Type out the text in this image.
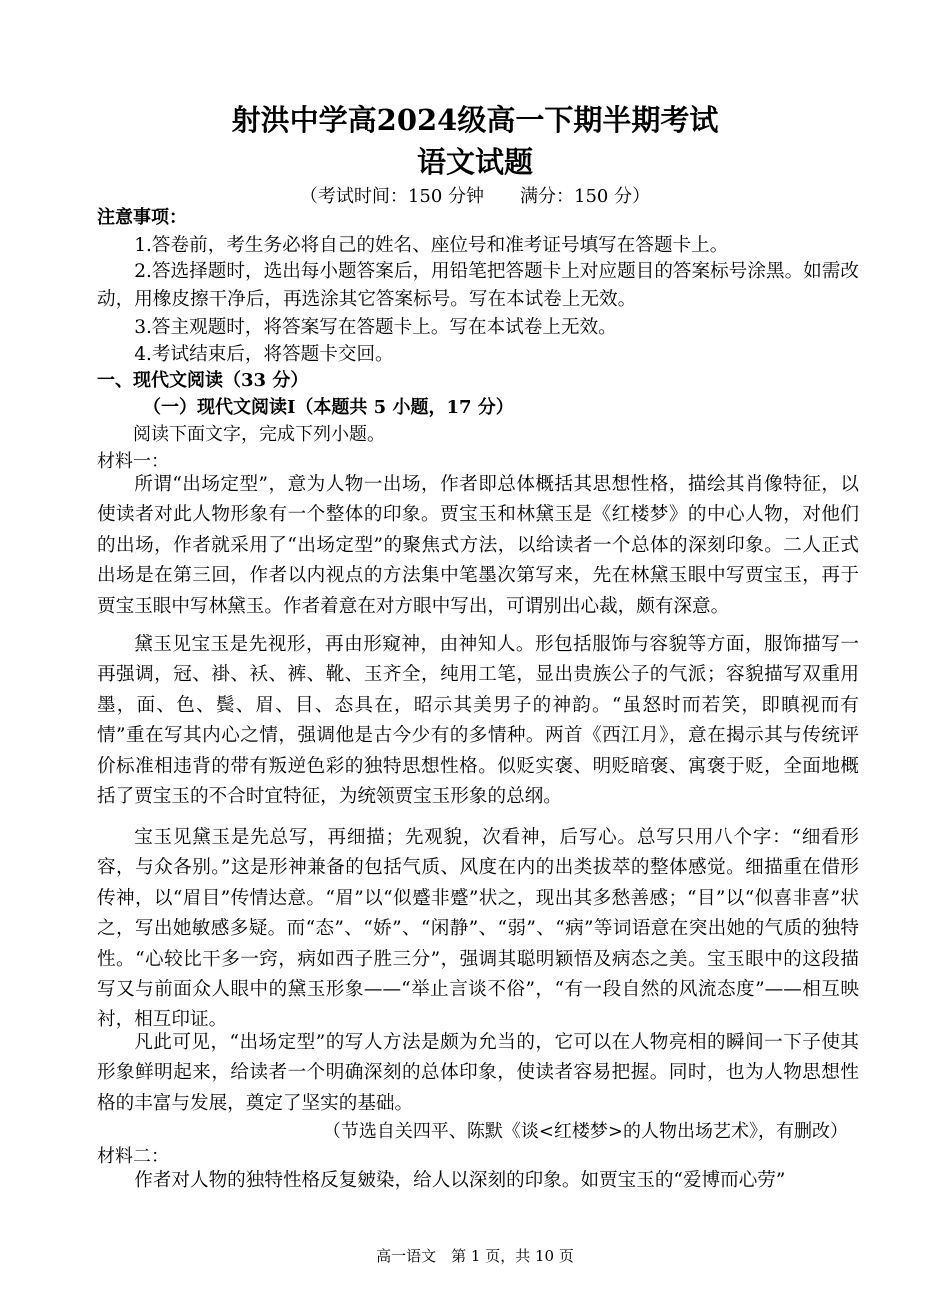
射洪中学高2024级高一下期半期考试
语文试题
（考试时间：150 分钟　　满分：150 分）
注意事项：
1.答卷前，考生务必将自己的姓名、座位号和准考证号填写在答题卡上。
2.答选择题时，选出每小题答案后，用铅笔把答题卡上对应题目的答案标号涂黑。如需改动，用橡皮擦干净后，再选涂其它答案标号。写在本试卷上无效。
3.答主观题时，将答案写在答题卡上。写在本试卷上无效。
4.考试结束后，将答题卡交回。
一、现代文阅读（33 分）
（一）现代文阅读Ⅰ（本题共 5 小题，17 分）
阅读下面文字，完成下列小题。
材料一：
所谓“出场定型”，意为人物一出场，作者即总体概括其思想性格，描绘其肖像特征，以使读者对此人物形象有一个整体的印象。贾宝玉和林黛玉是《红楼梦》的中心人物，对他们的出场，作者就采用了“出场定型”的聚焦式方法，以给读者一个总体的深刻印象。二人正式出场是在第三回，作者以内视点的方法集中笔墨次第写来，先在林黛玉眼中写贾宝玉，再于贾宝玉眼中写林黛玉。作者着意在对方眼中写出，可谓别出心裁，颇有深意。
黛玉见宝玉是先视形，再由形窥神，由神知人。形包括服饰与容貌等方面，服饰描写一再强调，冠、褂、袄、裤、靴、玉齐全，纯用工笔，显出贵族公子的气派；容貌描写双重用墨，面、色、鬓、眉、目、态具在，昭示其美男子的神韵。“虽怒时而若笑，即瞋视而有情”重在写其内心之情，强调他是古今少有的多情种。两首《西江月》，意在揭示其与传统评价标准相违背的带有叛逆色彩的独特思想性格。似贬实褒、明贬暗褒、寓褒于贬，全面地概括了贾宝玉的不合时宜特征，为统领贾宝玉形象的总纲。
宝玉见黛玉是先总写，再细描；先观貌，次看神，后写心。总写只用八个字：“细看形容，与众各别。”这是形神兼备的包括气质、风度在内的出类拔萃的整体感觉。细描重在借形传神，以“眉目”传情达意。“眉”以“似蹙非蹙”状之，现出其多愁善感；“目”以“似喜非喜”状之，写出她敏感多疑。而“态”、“娇”、“闲静”、“弱”、“病”等词语意在突出她的气质的独特性。“心较比干多一窍，病如西子胜三分”，强调其聪明颖悟及病态之美。宝玉眼中的这段描写又与前面众人眼中的黛玉形象——“举止言谈不俗”，“有一段自然的风流态度”——相互映衬，相互印证。
凡此可见，“出场定型”的写人方法是颇为允当的，它可以在人物亮相的瞬间一下子使其形象鲜明起来，给读者一个明确深刻的总体印象，使读者容易把握。同时，也为人物思想性格的丰富与发展，奠定了坚实的基础。
（节选自关四平、陈默《谈<红楼梦>的人物出场艺术》，有删改）
材料二：
作者对人物的独特性格反复皴染，给人以深刻的印象。如贾宝玉的“爱博而心劳”
高一语文　第 1 页，共 10 页
